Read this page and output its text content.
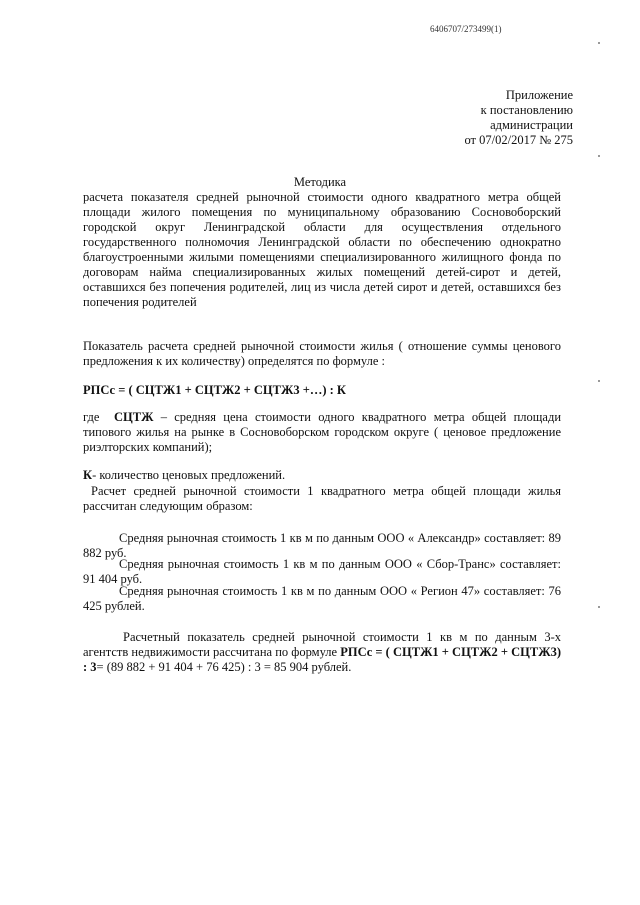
6406707/273499(1)
Приложение
к постановлению
администрации
от 07/02/2017 № 275
Методика
расчета показателя средней рыночной стоимости одного квадратного метра общей площади жилого помещения по муниципальному образованию Сосновоборский городской округ Ленинградской области для осуществления отдельного государственного полномочия Ленинградской области по обеспечению однократно благоустроенными жилыми помещениями специализированного жилищного фонда по договорам найма специализированных жилых помещений детей-сирот и детей, оставшихся без попечения родителей, лиц из числа детей сирот и детей, оставшихся без попечения родителей
Показатель расчета средней рыночной стоимости жилья ( отношение суммы ценового предложения к их количеству) определятся по формуле :
РПСс = ( СЦТЖ1 + СЦТЖ2 + СЦТЖ3 +…) : К
где СЦТЖ – средняя цена стоимости одного квадратного метра общей площади типового жилья на рынке в Сосновоборском городском округе ( ценовое предложение риэлторских компаний);
К- количество ценовых предложений.
Расчет средней рыночной стоимости 1 квадратного метра общей площади жилья рассчитан следующим образом:
Средняя рыночная стоимость 1 кв м по данным ООО « Александр» составляет: 89 882 руб.
Средняя рыночная стоимость 1 кв м по данным ООО « Сбор-Транс» составляет: 91 404 руб.
Средняя рыночная стоимость 1 кв м по данным ООО « Регион 47» составляет: 76 425 рублей.
Расчетный показатель средней рыночной стоимости 1 кв м по данным 3-х агентств недвижимости рассчитана по формуле РПСс = ( СЦТЖ1 + СЦТЖ2 + СЦТЖ3) : 3= (89 882 + 91 404 + 76 425) : 3 = 85 904 рублей.
